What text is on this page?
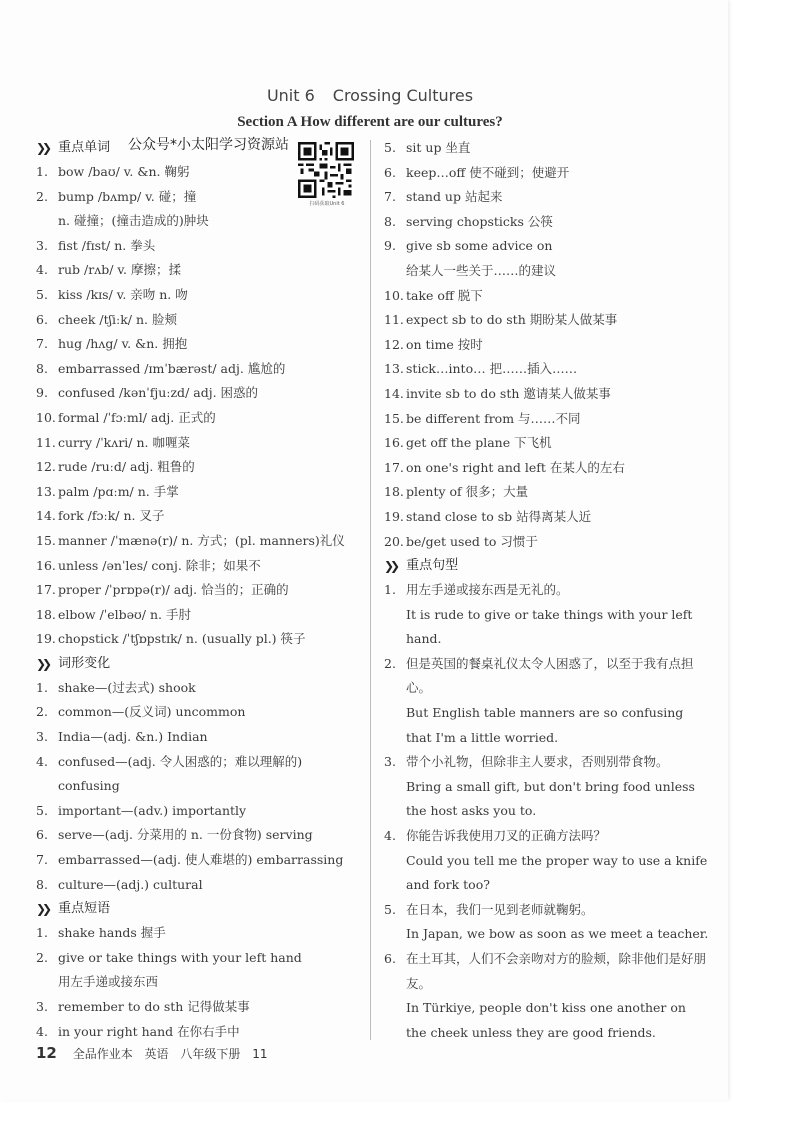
Unit 6 Crossing Cultures
Section A How different are our cultures?
公众号*小太阳学习资源站
扫码获取Unit 6
❯❯ 重点单词
1. bow /baʊ/ v. &n. 鞠躬
2. bump /bʌmp/ v. 碰；撞
n. 碰撞；(撞击造成的)肿块
3. fist /fɪst/ n. 拳头
4. rub /rʌb/ v. 摩擦；揉
5. kiss /kɪs/ v. 亲吻 n. 吻
6. cheek /tʃiːk/ n. 脸颊
7. hug /hʌg/ v. &n. 拥抱
8. embarrassed /ɪmˈbærəst/ adj. 尴尬的
9. confused /kənˈfjuːzd/ adj. 困惑的
10. formal /ˈfɔːml/ adj. 正式的
11. curry /ˈkʌri/ n. 咖喱菜
12. rude /ruːd/ adj. 粗鲁的
13. palm /pɑːm/ n. 手掌
14. fork /fɔːk/ n. 叉子
15. manner /ˈmænə(r)/ n. 方式；(pl. manners)礼仪
16. unless /ənˈles/ conj. 除非；如果不
17. proper /ˈprɒpə(r)/ adj. 恰当的；正确的
18. elbow /ˈelbəʊ/ n. 手肘
19. chopstick /ˈtʃɒpstɪk/ n. (usually pl.) 筷子
❯❯ 词形变化
1. shake—(过去式) shook
2. common—(反义词) uncommon
3. India—(adj. &n.) Indian
4. confused—(adj. 令人困惑的；难以理解的)
confusing
5. important—(adv.) importantly
6. serve—(adj. 分菜用的 n. 一份食物) serving
7. embarrassed—(adj. 使人难堪的) embarrassing
8. culture—(adj.) cultural
❯❯ 重点短语
1. shake hands 握手
2. give or take things with your left hand
用左手递或接东西
3. remember to do sth 记得做某事
4. in your right hand 在你右手中
5. sit up 坐直
6. keep…off 使不碰到；使避开
7. stand up 站起来
8. serving chopsticks 公筷
9. give sb some advice on
给某人一些关于……的建议
10. take off 脱下
11. expect sb to do sth 期盼某人做某事
12. on time 按时
13. stick…into… 把……插入……
14. invite sb to do sth 邀请某人做某事
15. be different from 与……不同
16. get off the plane 下飞机
17. on one's right and left 在某人的左右
18. plenty of 很多；大量
19. stand close to sb 站得离某人近
20. be/get used to 习惯于
❯❯ 重点句型
1. 用左手递或接东西是无礼的。
It is rude to give or take things with your left hand.
2. 但是英国的餐桌礼仪太令人困惑了，以至于我有点担心。
But English table manners are so confusing that I'm a little worried.
3. 带个小礼物，但除非主人要求，否则别带食物。
Bring a small gift, but don't bring food unless the host asks you to.
4. 你能告诉我使用刀叉的正确方法吗？
Could you tell me the proper way to use a knife and fork too?
5. 在日本，我们一见到老师就鞠躬。
In Japan, we bow as soon as we meet a teacher.
6. 在土耳其，人们不会亲吻对方的脸颊，除非他们是好朋友。
In Türkiye, people don't kiss one another on the cheek unless they are good friends.
12 全品作业本 英语 八年级下册 11
